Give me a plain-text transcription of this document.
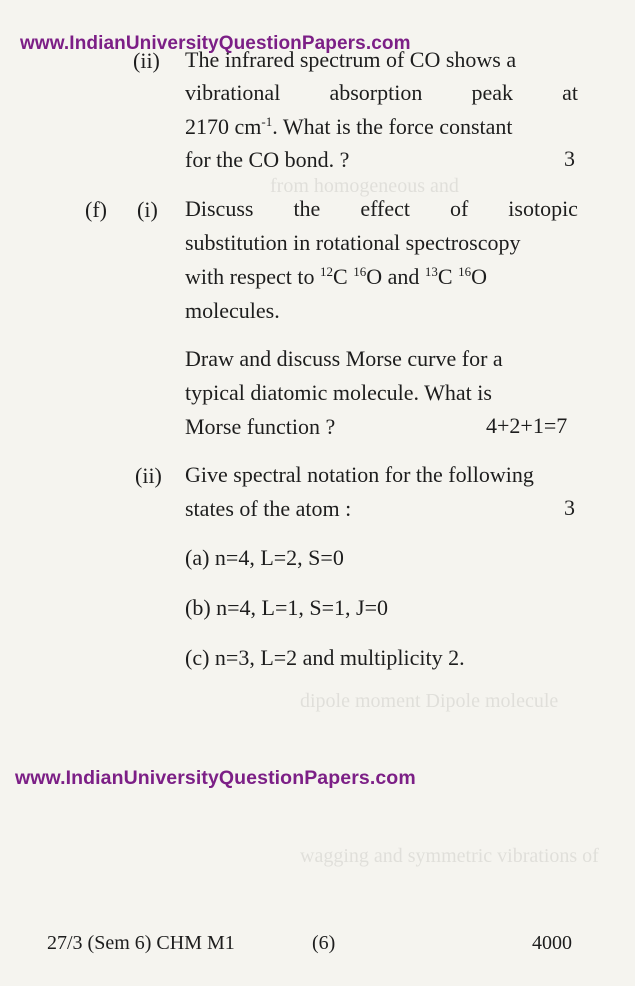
from homogeneous and
dipole moment Dipole molecule
wagging and symmetric vibrations of
www.IndianUniversityQuestionPapers.com
www.IndianUniversityQuestionPapers.com
(ii) The infrared spectrum of CO shows a
vibrational absorption peak at
2170 $cm^{-1}$. What is the force constant
for the CO bond. ?	3
(f) (i) Discuss the effect of isotopic
substitution in rotational spectroscopy
with respect to $^{12}$C $^{16}$O and $^{13}$C $^{16}$O
molecules.
Draw and discuss Morse curve for a
typical diatomic molecule. What is
Morse function ?	4+2+1=7
(ii) Give spectral notation for the following
states of the atom :	3
(a) n=4, L=2, S=0
(b) n=4, L=1, S=1, J=0
(c) n=3, L=2 and multiplicity 2.
27/3 (Sem 6) CHM M1	(6)	4000
